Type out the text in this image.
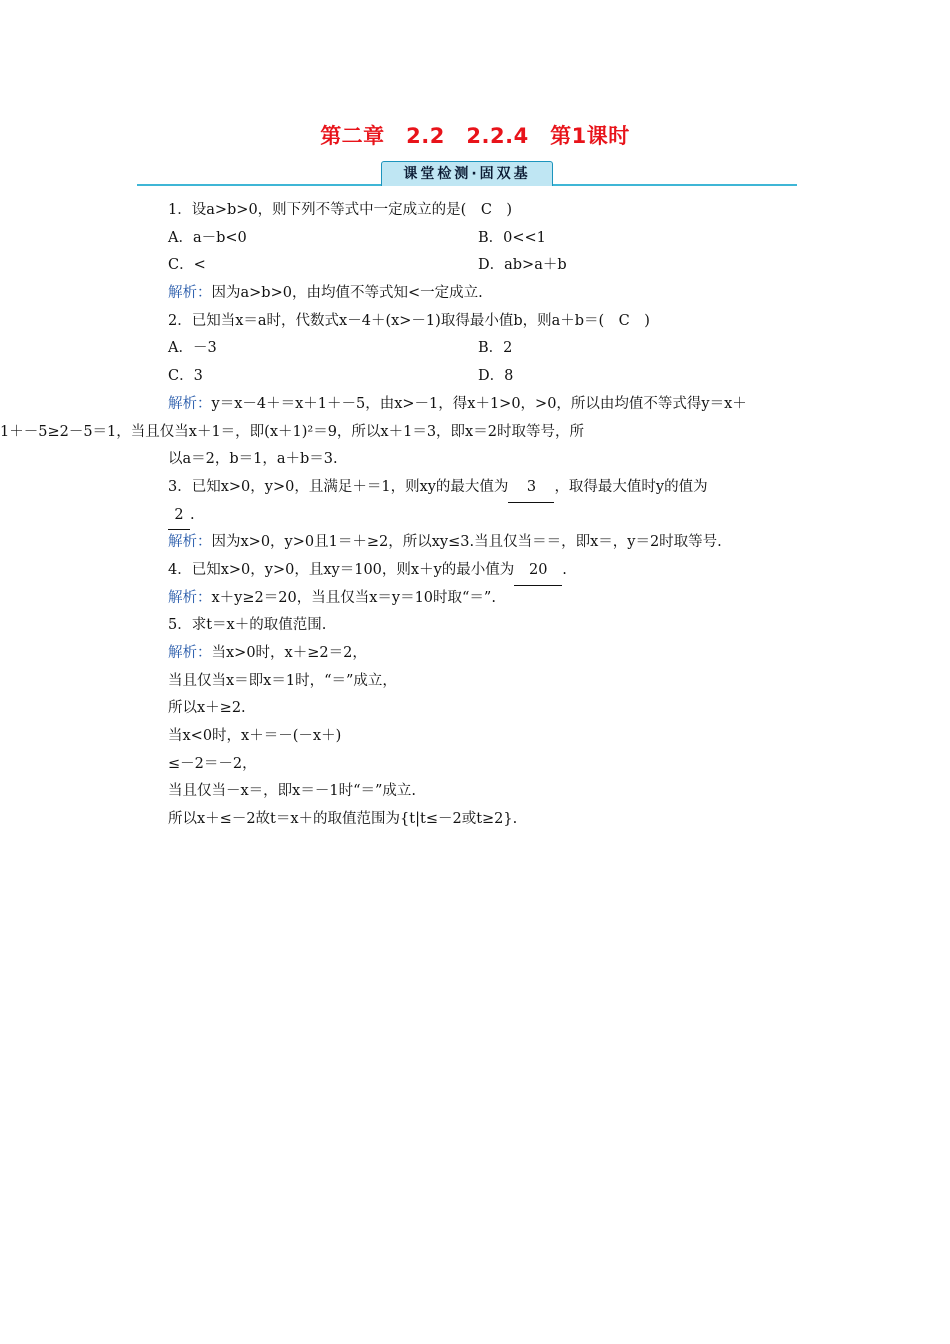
第二章　2.2　2.2.4　第1课时
课堂检测·固双基
1．设a>b>0，则下列不等式中一定成立的是(　C　)
A．a－b<0	B．0<<1
C．<	D．ab>a＋b
解析：因为a>b>0，由均值不等式知<一定成立.
2．已知当x＝a时，代数式x－4＋(x>－1)取得最小值b，则a＋b＝(　C　)
A．－3	B．2
C．3	D．8
解析：y＝x－4＋＝x＋1＋－5，由x>－1，得x＋1>0，>0，所以由均值不等式得y＝x＋
1＋－5≥2－5＝1，当且仅当x＋1＝，即(x＋1)²＝9，所以x＋1＝3，即x＝2时取等号，所
以a＝2，b＝1，a＋b＝3.
3．已知x>0，y>0，且满足＋＝1，则xy的最大值为 3 ，取得最大值时y的值为
2 .
解析：因为x>0，y>0且1＝＋≥2，所以xy≤3.当且仅当＝＝，即x＝，y＝2时取等号.
4．已知x>0，y>0，且xy＝100，则x＋y的最小值为 20 .
解析：x＋y≥2＝20，当且仅当x＝y＝10时取“＝”.
5．求t＝x＋的取值范围.
解析：当x>0时，x＋≥2＝2，
当且仅当x＝即x＝1时，“＝”成立，
所以x＋≥2.
当x<0时，x＋＝－(－x＋)
≤－2＝－2，
当且仅当－x＝，即x＝－1时“＝”成立.
所以x＋≤－2故t＝x＋的取值范围为{t|t≤－2或t≥2}.
